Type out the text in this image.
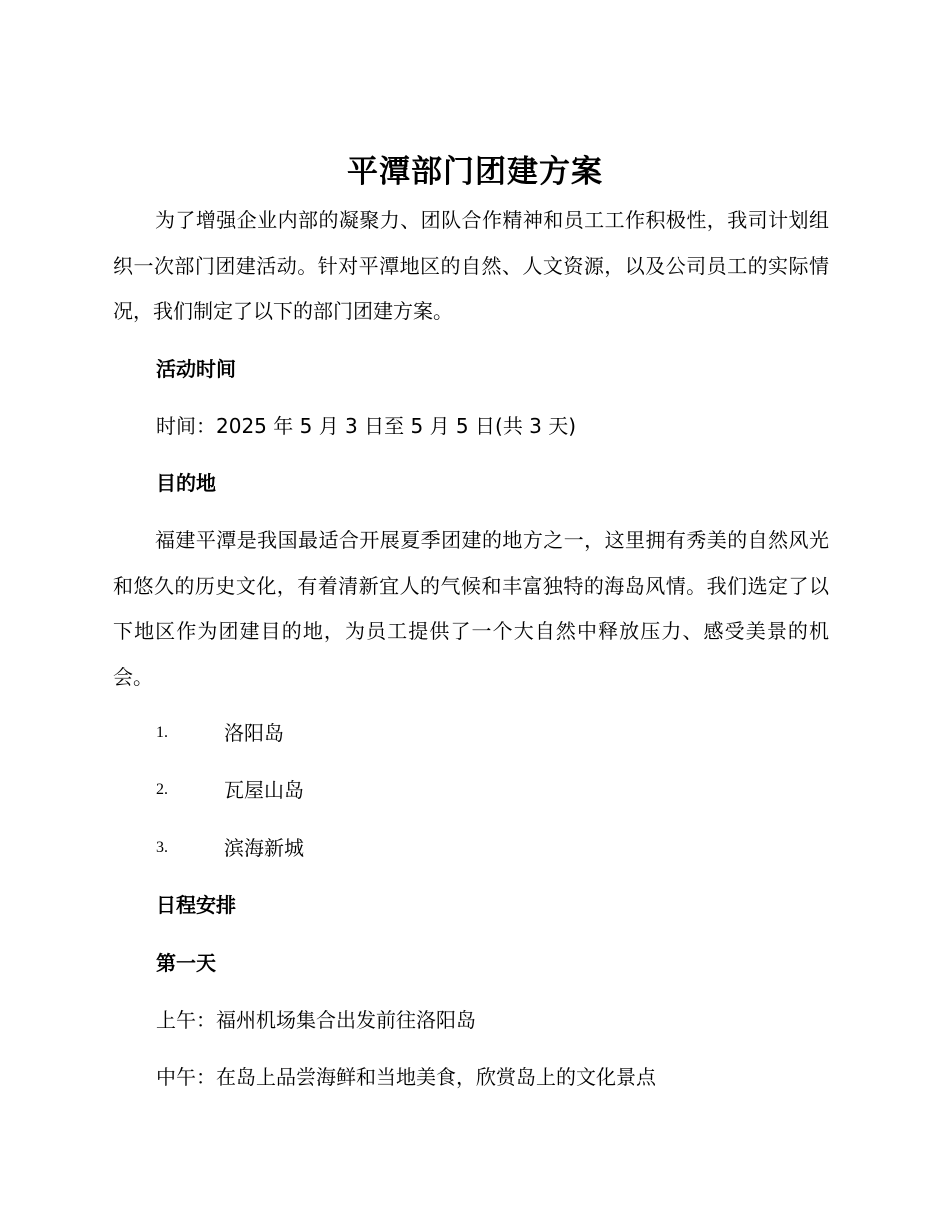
平潭部门团建方案
为了增强企业内部的凝聚力、团队合作精神和员工工作积极性，我司计划组织一次部门团建活动。针对平潭地区的自然、人文资源，以及公司员工的实际情况，我们制定了以下的部门团建方案。
活动时间
时间：2025 年 5 月 3 日至 5 月 5 日(共 3 天)
目的地
福建平潭是我国最适合开展夏季团建的地方之一，这里拥有秀美的自然风光和悠久的历史文化，有着清新宜人的气候和丰富独特的海岛风情。我们选定了以下地区作为团建目的地，为员工提供了一个大自然中释放压力、感受美景的机会。
1.	洛阳岛
2.	瓦屋山岛
3.	滨海新城
日程安排
第一天
上午：福州机场集合出发前往洛阳岛
中午：在岛上品尝海鲜和当地美食，欣赏岛上的文化景点
